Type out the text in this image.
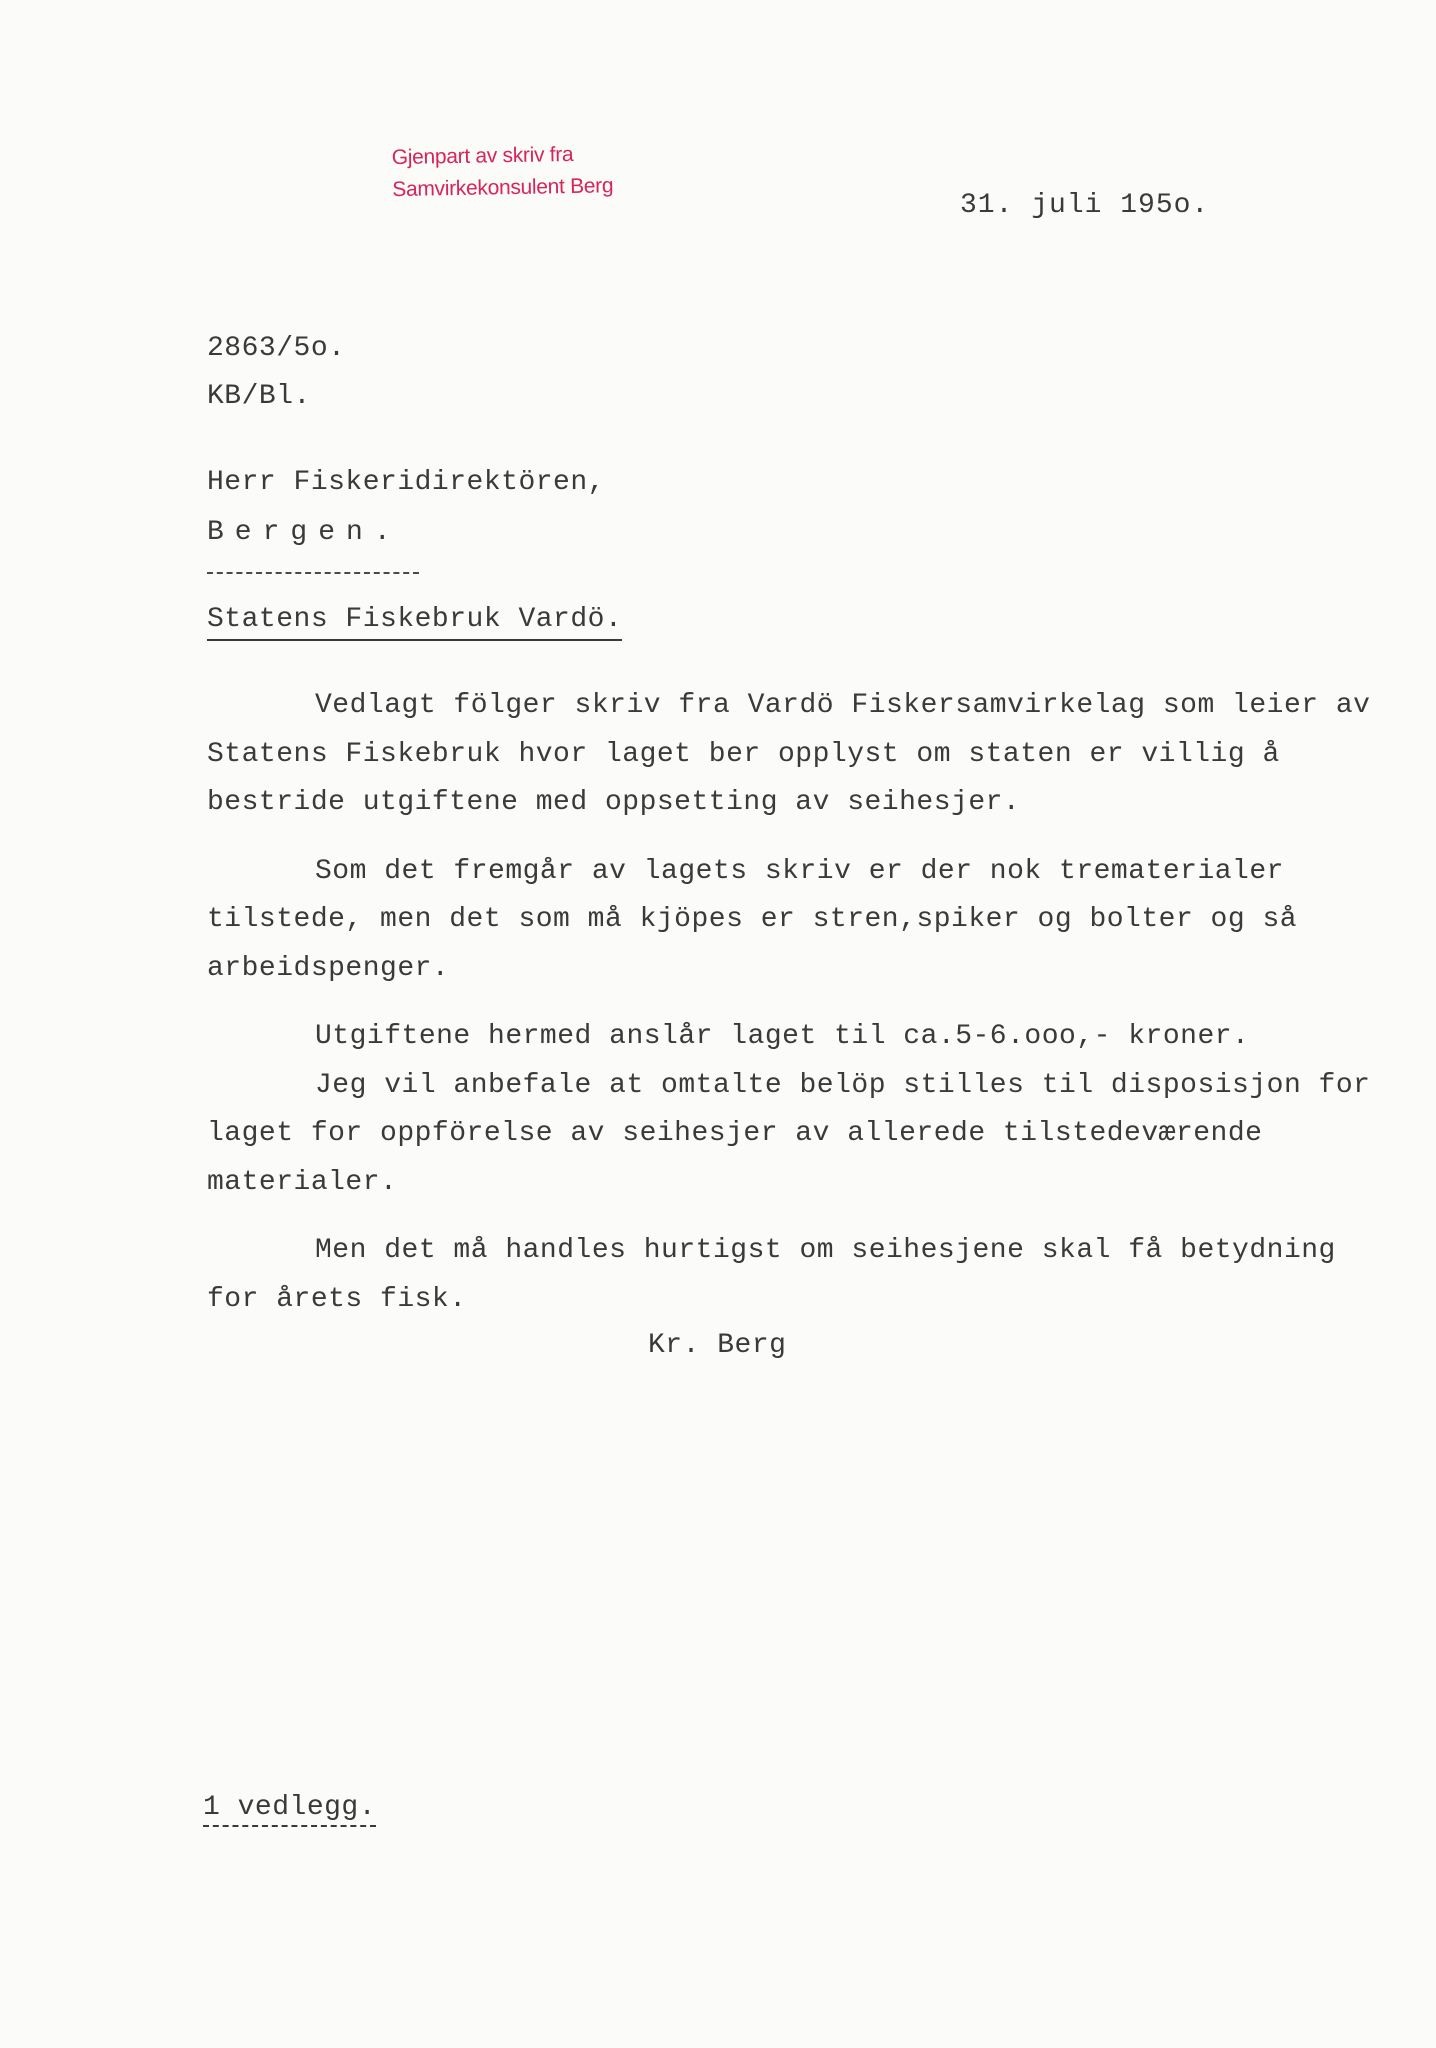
Gjenpart av skriv fra
Samvirkekonsulent Berg
31. juli 195o.
2863/5o.
KB/Bl.
Herr Fiskeridirektören,
Bergen.
Statens Fiskebruk Vardö.

Vedlagt fölger skriv fra Vardö Fiskersamvirkelag som leier av Statens Fiskebruk hvor laget ber opplyst om staten er villig å bestride utgiftene med oppsetting av seihesjer.

Som det fremgår av lagets skriv er der nok trematerialer tilstede, men det som må kjöpes er stren,spiker og bolter og så arbeidspenger.

Utgiftene hermed anslår laget til ca.5-6.ooo,- kroner.

Jeg vil anbefale at omtalte belöp stilles til disposisjon for laget for oppförelse av seihesjer av allerede tilstedeværende materialer.

Men det må handles hurtigst om seihesjene skal få betydning for årets fisk.

Kr. Berg
1 vedlegg.
